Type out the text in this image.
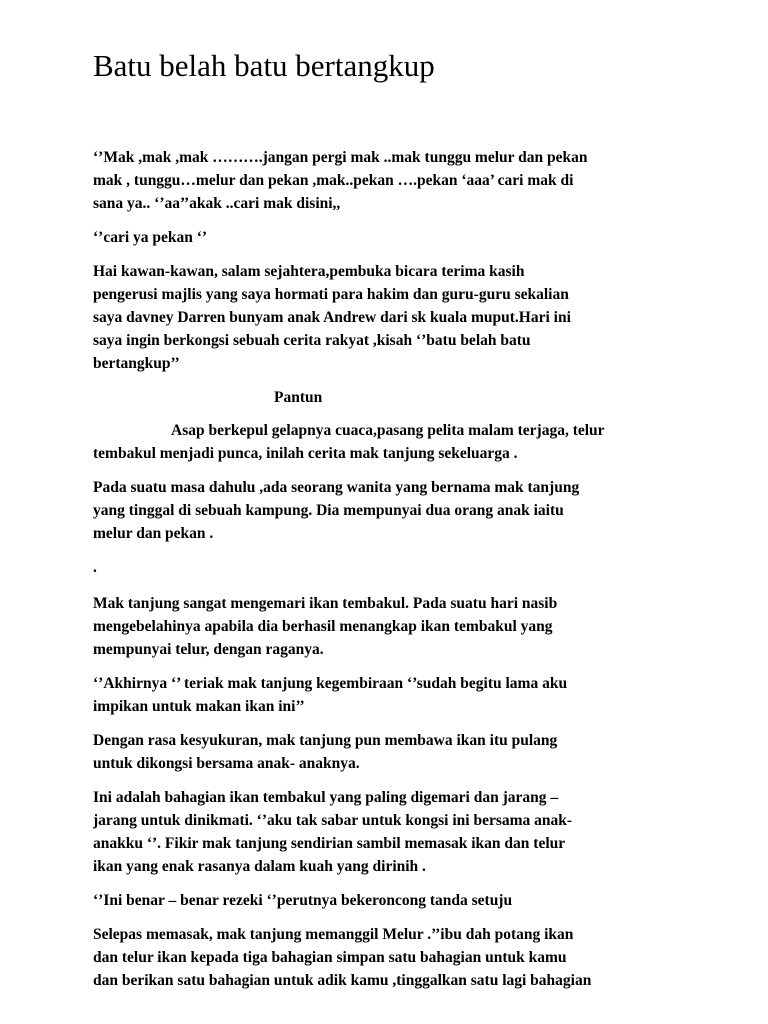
Batu belah batu bertangkup

‘’Mak ,mak ,mak ……….jangan pergi mak ..mak tunggu melur dan pekan
mak , tunggu…melur dan pekan ,mak..pekan ….pekan ‘aaa’ cari mak di
sana ya.. ‘’aa’’akak ..cari mak disini,,

‘’cari ya pekan ‘’

Hai kawan-kawan, salam sejahtera,pembuka bicara terima kasih
pengerusi majlis yang saya hormati para hakim dan guru-guru sekalian
saya davney Darren bunyam anak Andrew dari sk kuala muput.Hari ini
saya ingin berkongsi sebuah cerita rakyat ,kisah ‘’batu belah batu
bertangkup’’

Pantun

Asap berkepul gelapnya cuaca,pasang pelita malam terjaga, telur
tembakul menjadi punca, inilah cerita mak tanjung sekeluarga .

Pada suatu masa dahulu ,ada seorang wanita yang bernama mak tanjung
yang tinggal di sebuah kampung. Dia mempunyai dua orang anak iaitu
melur dan pekan .

.

Mak tanjung sangat mengemari ikan tembakul. Pada suatu hari nasib
mengebelahinya apabila dia berhasil menangkap ikan tembakul yang
mempunyai telur, dengan raganya.

‘’Akhirnya ‘’ teriak mak tanjung kegembiraan ‘’sudah begitu lama aku
impikan untuk makan ikan ini’’

Dengan rasa kesyukuran, mak tanjung pun membawa ikan itu pulang
untuk dikongsi bersama anak- anaknya.

Ini adalah bahagian ikan tembakul yang paling digemari dan jarang –
jarang untuk dinikmati. ‘’aku tak sabar untuk kongsi ini bersama anak-
anakku ‘’. Fikir mak tanjung sendirian sambil memasak ikan dan telur
ikan yang enak rasanya dalam kuah yang dirinih .

‘’Ini benar – benar rezeki ‘’perutnya bekeroncong tanda setuju

Selepas memasak, mak tanjung memanggil Melur .’’ibu dah potang ikan
dan telur ikan kepada tiga bahagian simpan satu bahagian untuk kamu
dan berikan satu bahagian untuk adik kamu ,tinggalkan satu lagi bahagian
